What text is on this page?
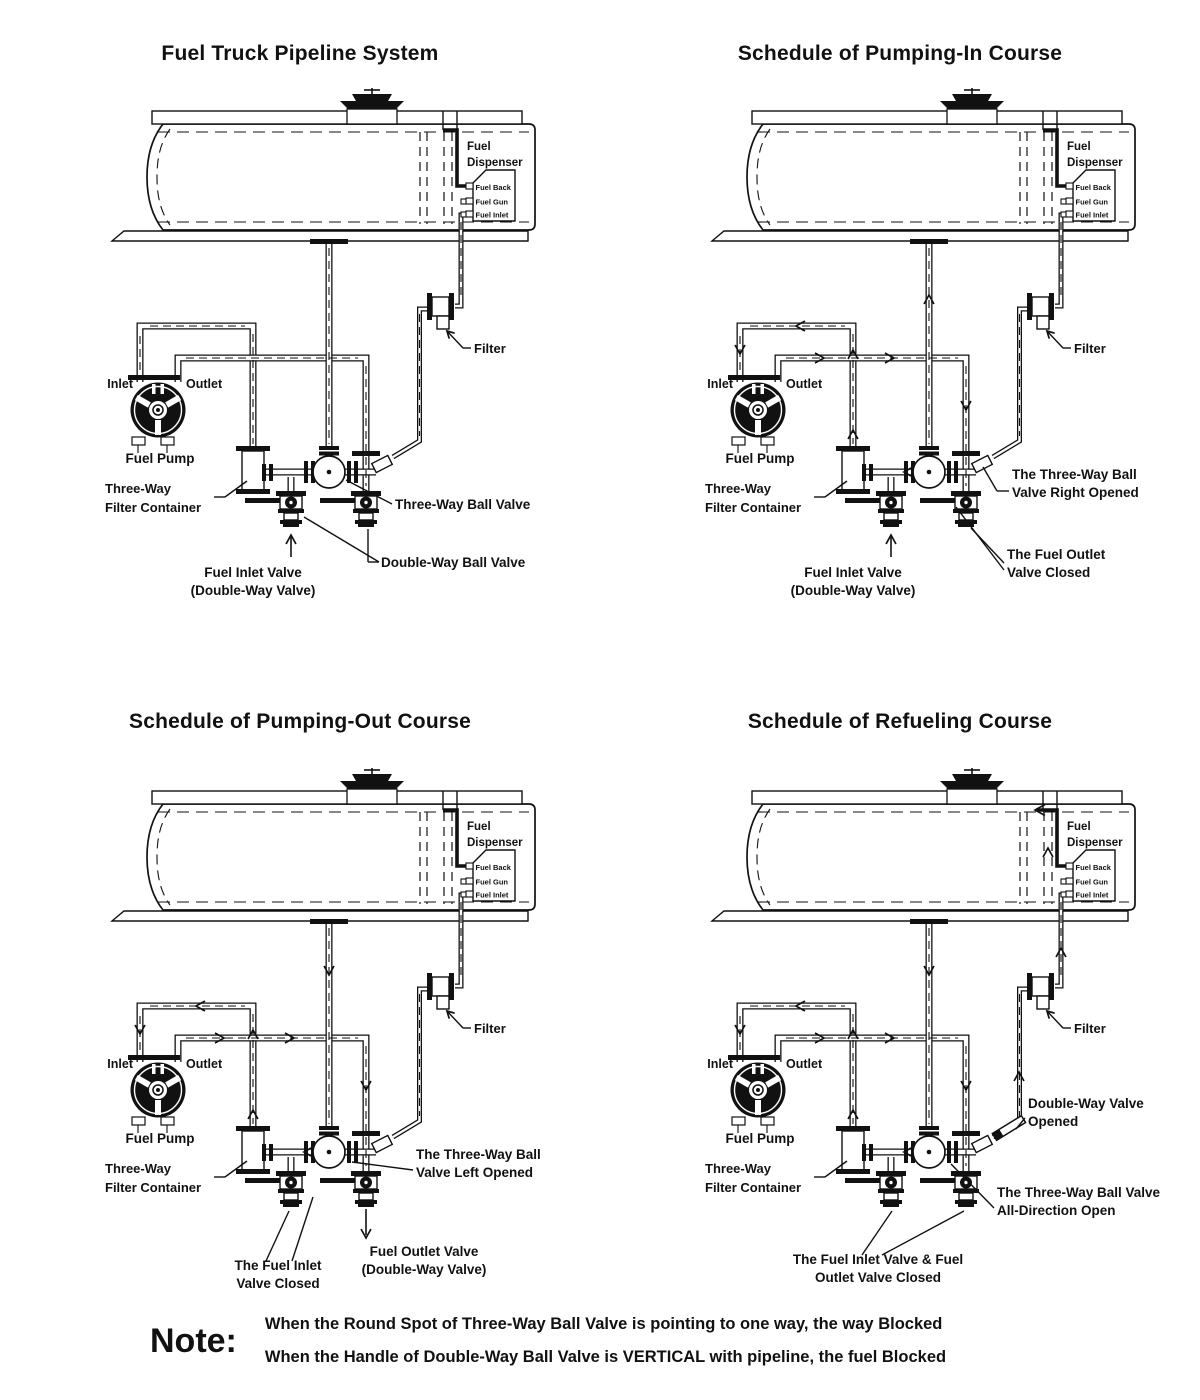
Fuel Truck Pipeline System
Fuel Back
Fuel Gun
Fuel Inlet
Fuel
Dispenser
Inlet	Outlet
Fuel Pump
Three-Way
Filter Container
Filter
Three-Way Ball Valve
Double-Way Ball Valve
Fuel Inlet Valve
(Double-Way Valve)
Schedule of Pumping-In Course
Fuel Back
Fuel Gun
Fuel Inlet
Fuel
Dispenser
Inlet	Outlet
Fuel Pump
Three-Way
Filter Container
Filter
The Three-Way Ball
Valve Right Opened
The Fuel Outlet
Valve Closed
Fuel Inlet Valve
(Double-Way Valve)
Schedule of Pumping-Out Course
Fuel Back
Fuel Gun
Fuel Inlet
Fuel
Dispenser
Inlet	Outlet
Fuel Pump
Three-Way
Filter Container
Filter
The Three-Way Ball
Valve Left Opened
Fuel Outlet Valve
(Double-Way Valve)
The Fuel Inlet
Valve Closed
Schedule of Refueling Course
Fuel Back
Fuel Gun
Fuel Inlet
Fuel
Dispenser
Inlet	Outlet
Fuel Pump
Three-Way
Filter Container
Filter
Double-Way Valve
Opened
The Three-Way Ball Valve
All-Direction Open
The Fuel Inlet Valve & Fuel
Outlet Valve Closed
Note: When the Round Spot of Three-Way Ball Valve is pointing to one way, the way Blocked
When the Handle of Double-Way Ball Valve is VERTICAL with pipeline, the fuel Blocked
